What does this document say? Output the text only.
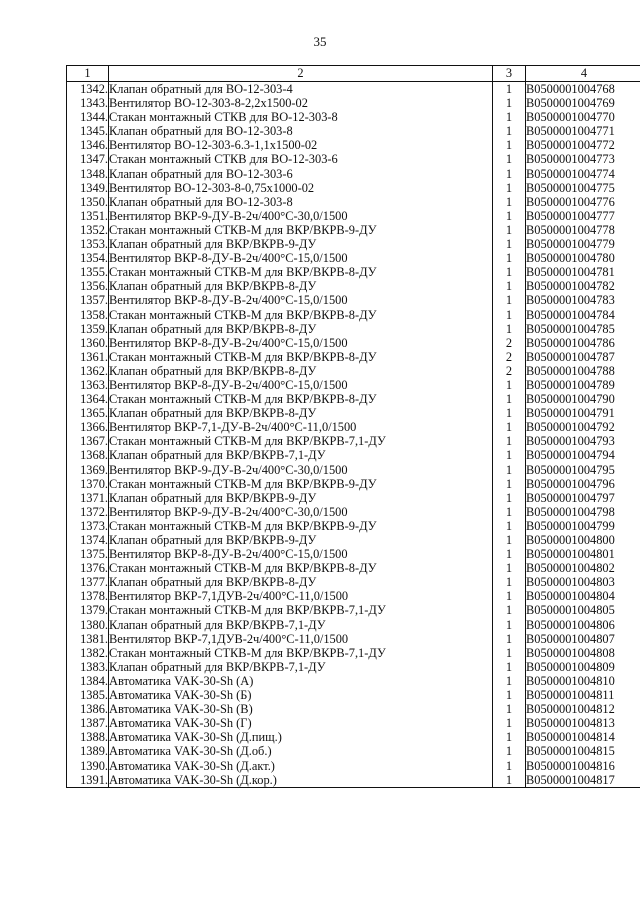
35
1	2	3	4
1342.	Клапан обратный для ВО-12-303-4	1	B0500001004768
1343.	Вентилятор ВО-12-303-8-2,2х1500-02	1	B0500001004769
1344.	Стакан монтажный СТКВ для ВО-12-303-8	1	B0500001004770
1345.	Клапан обратный для ВО-12-303-8	1	B0500001004771
1346.	Вентилятор ВО-12-303-6.3-1,1х1500-02	1	B0500001004772
1347.	Стакан монтажный СТКВ для ВО-12-303-6	1	B0500001004773
1348.	Клапан обратный для ВО-12-303-6	1	B0500001004774
1349.	Вентилятор ВО-12-303-8-0,75х1000-02	1	B0500001004775
1350.	Клапан обратный для ВО-12-303-8	1	B0500001004776
1351.	Вентилятор ВКР-9-ДУ-В-2ч/400°С-30,0/1500	1	B0500001004777
1352.	Стакан монтажный СТКВ-М для ВКР/ВКРВ-9-ДУ	1	B0500001004778
1353.	Клапан обратный для ВКР/ВКРВ-9-ДУ	1	B0500001004779
1354.	Вентилятор ВКР-8-ДУ-В-2ч/400°С-15,0/1500	1	B0500001004780
1355.	Стакан монтажный СТКВ-М для ВКР/ВКРВ-8-ДУ	1	B0500001004781
1356.	Клапан обратный для ВКР/ВКРВ-8-ДУ	1	B0500001004782
1357.	Вентилятор ВКР-8-ДУ-В-2ч/400°С-15,0/1500	1	B0500001004783
1358.	Стакан монтажный СТКВ-М для ВКР/ВКРВ-8-ДУ	1	B0500001004784
1359.	Клапан обратный для ВКР/ВКРВ-8-ДУ	1	B0500001004785
1360.	Вентилятор ВКР-8-ДУ-В-2ч/400°С-15,0/1500	2	B0500001004786
1361.	Стакан монтажный СТКВ-М для ВКР/ВКРВ-8-ДУ	2	B0500001004787
1362.	Клапан обратный для ВКР/ВКРВ-8-ДУ	2	B0500001004788
1363.	Вентилятор ВКР-8-ДУ-В-2ч/400°С-15,0/1500	1	B0500001004789
1364.	Стакан монтажный СТКВ-М для ВКР/ВКРВ-8-ДУ	1	B0500001004790
1365.	Клапан обратный для ВКР/ВКРВ-8-ДУ	1	B0500001004791
1366.	Вентилятор ВКР-7,1-ДУ-В-2ч/400°С-11,0/1500	1	B0500001004792
1367.	Стакан монтажный СТКВ-М для ВКР/ВКРВ-7,1-ДУ	1	B0500001004793
1368.	Клапан обратный для ВКР/ВКРВ-7,1-ДУ	1	B0500001004794
1369.	Вентилятор ВКР-9-ДУ-В-2ч/400°С-30,0/1500	1	B0500001004795
1370.	Стакан монтажный СТКВ-М для ВКР/ВКРВ-9-ДУ	1	B0500001004796
1371.	Клапан обратный для ВКР/ВКРВ-9-ДУ	1	B0500001004797
1372.	Вентилятор ВКР-9-ДУ-В-2ч/400°С-30,0/1500	1	B0500001004798
1373.	Стакан монтажный СТКВ-М для ВКР/ВКРВ-9-ДУ	1	B0500001004799
1374.	Клапан обратный для ВКР/ВКРВ-9-ДУ	1	B0500001004800
1375.	Вентилятор ВКР-8-ДУ-В-2ч/400°С-15,0/1500	1	B0500001004801
1376.	Стакан монтажный СТКВ-М для ВКР/ВКРВ-8-ДУ	1	B0500001004802
1377.	Клапан обратный для ВКР/ВКРВ-8-ДУ	1	B0500001004803
1378.	Вентилятор ВКР-7,1ДУВ-2ч/400°С-11,0/1500	1	B0500001004804
1379.	Стакан монтажный СТКВ-М для ВКР/ВКРВ-7,1-ДУ	1	B0500001004805
1380.	Клапан обратный для ВКР/ВКРВ-7,1-ДУ	1	B0500001004806
1381.	Вентилятор ВКР-7,1ДУВ-2ч/400°С-11,0/1500	1	B0500001004807
1382.	Стакан монтажный СТКВ-М для ВКР/ВКРВ-7,1-ДУ	1	B0500001004808
1383.	Клапан обратный для ВКР/ВКРВ-7,1-ДУ	1	B0500001004809
1384.	Автоматика VAK-30-Sh (А)	1	B0500001004810
1385.	Автоматика VAK-30-Sh (Б)	1	B0500001004811
1386.	Автоматика VAK-30-Sh (В)	1	B0500001004812
1387.	Автоматика VAK-30-Sh (Г)	1	B0500001004813
1388.	Автоматика VAK-30-Sh (Д.пищ.)	1	B0500001004814
1389.	Автоматика VAK-30-Sh (Д.об.)	1	B0500001004815
1390.	Автоматика VAK-30-Sh (Д.акт.)	1	B0500001004816
1391.	Автоматика VAK-30-Sh (Д.кор.)	1	B0500001004817
